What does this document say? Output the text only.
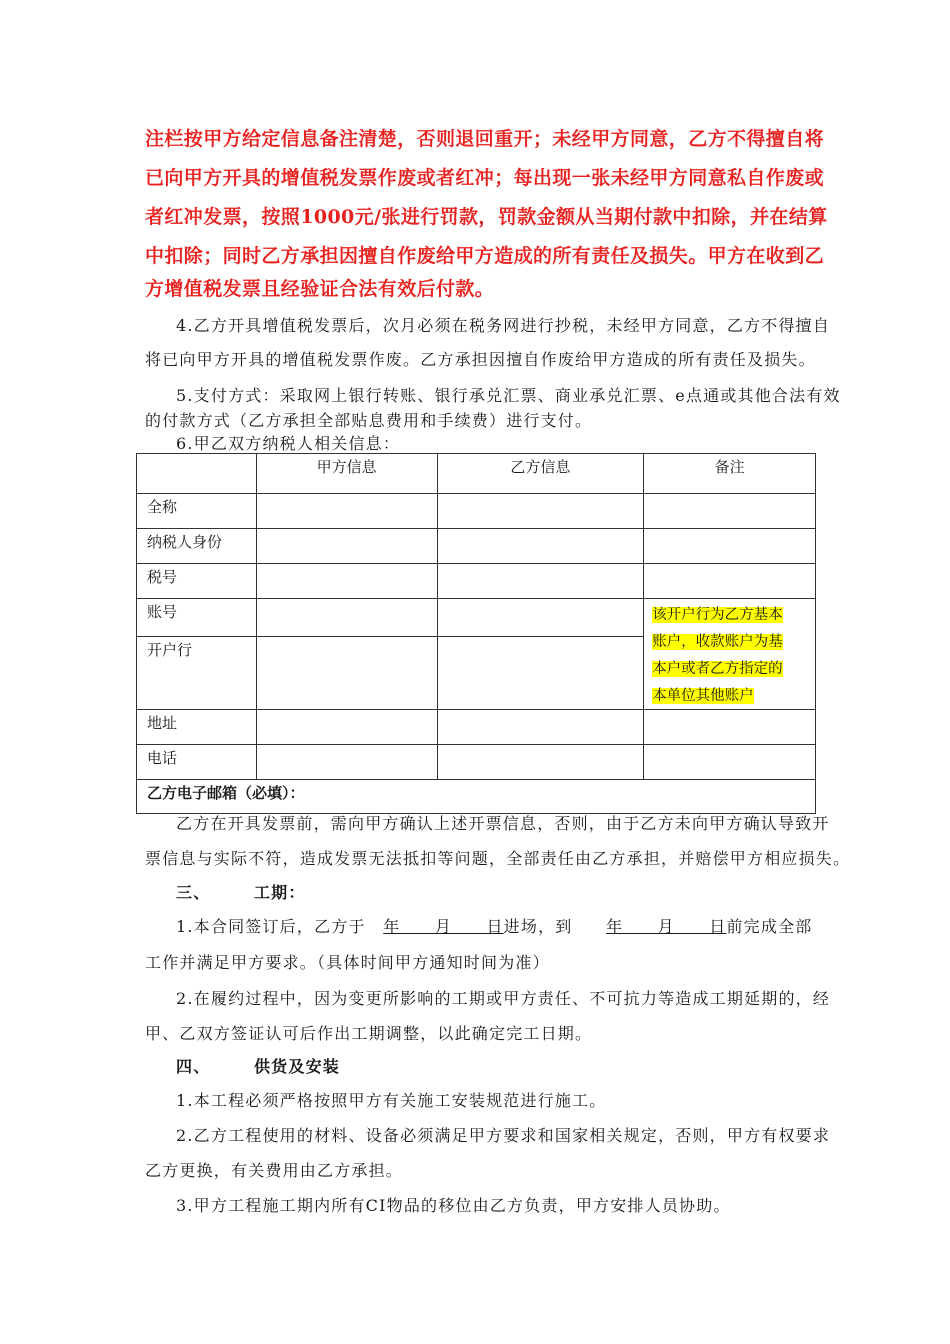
注栏按甲方给定信息备注清楚，否则退回重开；未经甲方同意，乙方不得擅自将
已向甲方开具的增值税发票作废或者红冲；每出现一张未经甲方同意私自作废或
者红冲发票，按照1000元/张进行罚款，罚款金额从当期付款中扣除，并在结算
中扣除；同时乙方承担因擅自作废给甲方造成的所有责任及损失。甲方在收到乙
方增值税发票且经验证合法有效后付款。
4.乙方开具增值税发票后，次月必须在税务网进行抄税，未经甲方同意，乙方不得擅自
将已向甲方开具的增值税发票作废。乙方承担因擅自作废给甲方造成的所有责任及损失。
5.支付方式：采取网上银行转账、银行承兑汇票、商业承兑汇票、e点通或其他合法有效
的付款方式（乙方承担全部贴息费用和手续费）进行支付。
6.甲乙双方纳税人相关信息：
	甲方信息	乙方信息	备注
全称			
纳税人身份			
税号			
账号			该开户行为乙方基本
账户，收款账户为基
本户或者乙方指定的
本单位其他账户
开户行			
地址			
电话			
乙方电子邮箱（必填）：			
乙方在开具发票前，需向甲方确认上述开票信息，否则，由于乙方未向甲方确认导致开
票信息与实际不符，造成发票无法抵扣等问题，全部责任由乙方承担，并赔偿甲方相应损失。
三、	工期：
1.本合同签订后，乙方于 年　　月　　日进场，到 年　　月　　日前完成全部
工作并满足甲方要求。（具体时间甲方通知时间为准）
2.在履约过程中，因为变更所影响的工期或甲方责任、不可抗力等造成工期延期的，经
甲、乙双方签证认可后作出工期调整，以此确定完工日期。
四、	供货及安装
1.本工程必须严格按照甲方有关施工安装规范进行施工。
2.乙方工程使用的材料、设备必须满足甲方要求和国家相关规定，否则，甲方有权要求
乙方更换，有关费用由乙方承担。
3.甲方工程施工期内所有CI物品的移位由乙方负责，甲方安排人员协助。
